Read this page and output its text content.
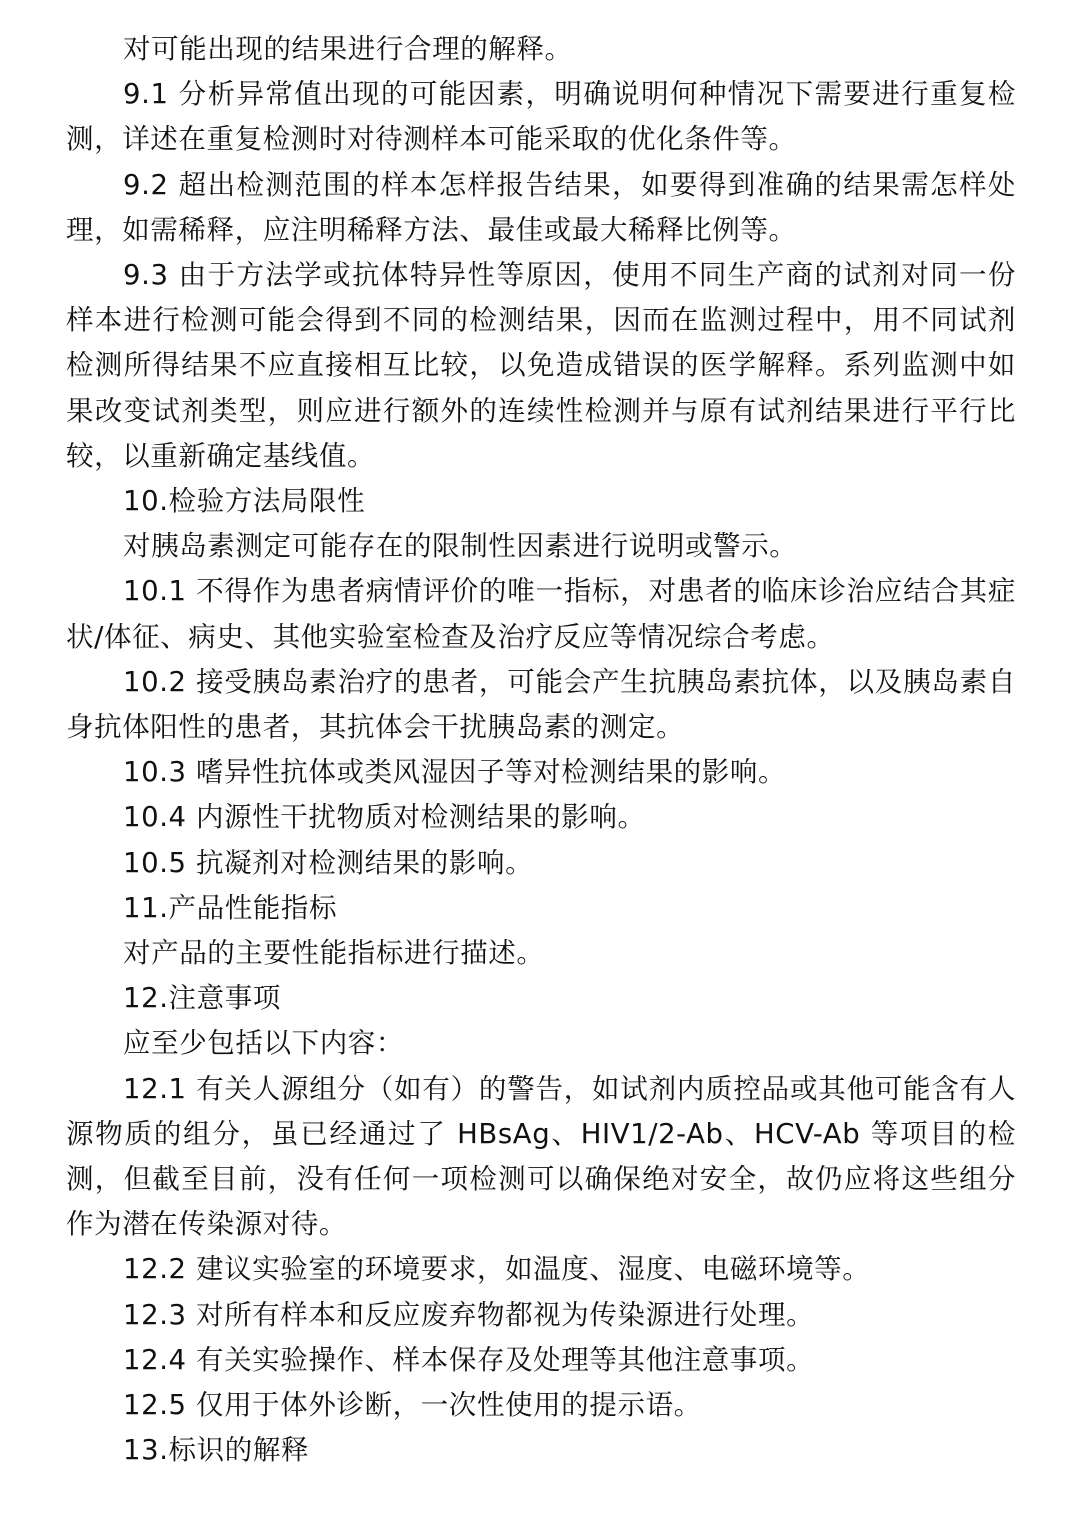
对可能出现的结果进行合理的解释。

9.1 分析异常值出现的可能因素，明确说明何种情况下需要进行重复检测，详述在重复检测时对待测样本可能采取的优化条件等。

9.2 超出检测范围的样本怎样报告结果，如要得到准确的结果需怎样处理，如需稀释，应注明稀释方法、最佳或最大稀释比例等。

9.3 由于方法学或抗体特异性等原因，使用不同生产商的试剂对同一份样本进行检测可能会得到不同的检测结果，因而在监测过程中，用不同试剂检测所得结果不应直接相互比较，以免造成错误的医学解释。系列监测中如果改变试剂类型，则应进行额外的连续性检测并与原有试剂结果进行平行比较，以重新确定基线值。

10.检验方法局限性

对胰岛素测定可能存在的限制性因素进行说明或警示。

10.1 不得作为患者病情评价的唯一指标，对患者的临床诊治应结合其症状/体征、病史、其他实验室检查及治疗反应等情况综合考虑。

10.2 接受胰岛素治疗的患者，可能会产生抗胰岛素抗体，以及胰岛素自身抗体阳性的患者，其抗体会干扰胰岛素的测定。

10.3 嗜异性抗体或类风湿因子等对检测结果的影响。

10.4 内源性干扰物质对检测结果的影响。

10.5 抗凝剂对检测结果的影响。

11.产品性能指标

对产品的主要性能指标进行描述。

12.注意事项

应至少包括以下内容：

12.1 有关人源组分（如有）的警告，如试剂内质控品或其他可能含有人源物质的组分，虽已经通过了 HBsAg、HIV1/2-Ab、HCV-Ab 等项目的检测，但截至目前，没有任何一项检测可以确保绝对安全，故仍应将这些组分作为潜在传染源对待。

12.2 建议实验室的环境要求，如温度、湿度、电磁环境等。

12.3 对所有样本和反应废弃物都视为传染源进行处理。

12.4 有关实验操作、样本保存及处理等其他注意事项。

12.5 仅用于体外诊断，一次性使用的提示语。

13.标识的解释
